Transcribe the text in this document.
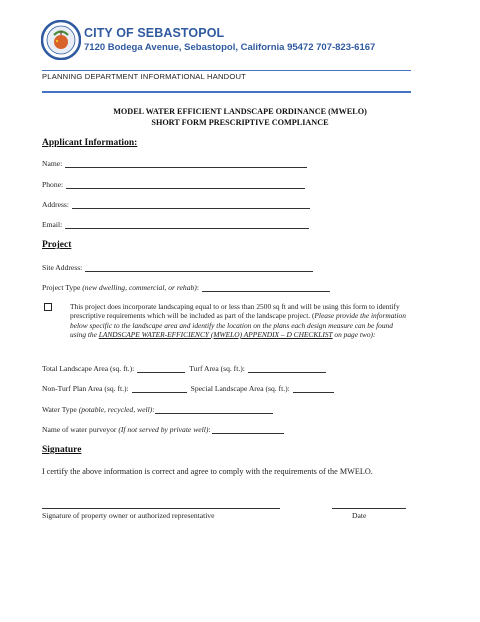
CITY OF SEBASTOPOL
7120 Bodega Avenue, Sebastopol, California 95472 707-823-6167
PLANNING DEPARTMENT INFORMATIONAL HANDOUT
MODEL WATER EFFICIENT LANDSCAPE ORDINANCE (MWELO)
SHORT FORM PRESCRIPTIVE COMPLIANCE
Applicant Information:
Name:
Phone:
Address:
Email:
Project
Site Address:
Project Type
(new dwelling, commercial, or rehab) :
This project does incorporate landscaping equal to or less than 2500 sq ft and will be using this form to identify prescriptive requirements which will be included as part of the landscape project. (Please provide the information below specific to the landscape area and identify the location on the plans each design measure can be found using the LANDSCAPE WATER-EFFICIENCY (MWELO) APPENDIX – D CHECKLIST on page two):
Total Landscape Area (sq. ft.):	Turf Area (sq. ft.):
Non-Turf Plan Area (sq. ft.):	Special Landscape Area (sq. ft.):
Water Type
(potable, recycled, well) :
Name of water purveyor
(If not served by private well) :
Signature
I certify the above information is correct and agree to comply with the requirements of the MWELO.
Signature of property owner or authorized representative	Date
